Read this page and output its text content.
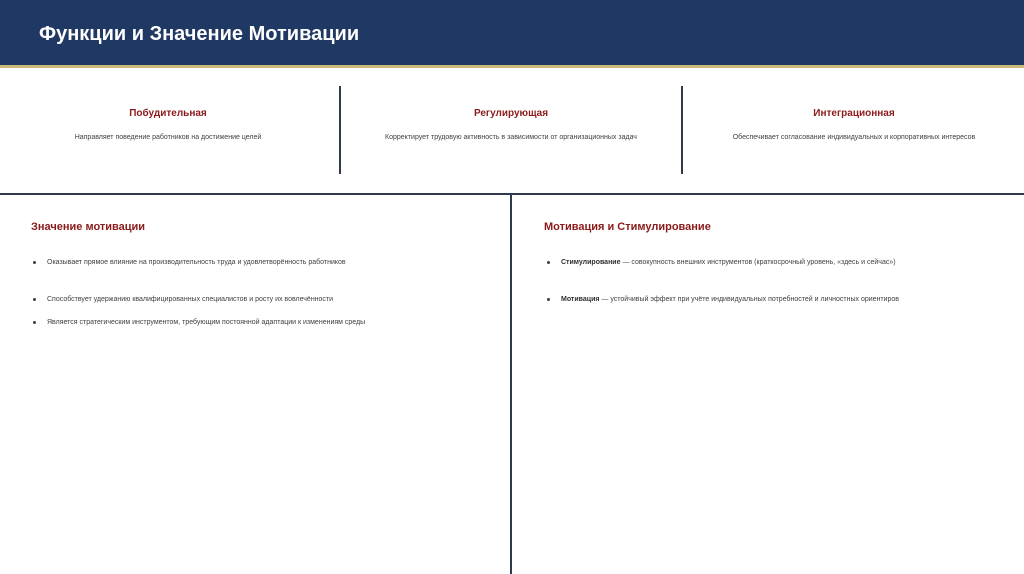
Функции и Значение Мотивации
Побудительная
Направляет поведение работников на достижение целей
Регулирующая
Корректирует трудовую активность в зависимости от организационных задач
Интеграционная
Обеспечивает согласование индивидуальных и корпоративных интересов
Значение мотивации
Оказывает прямое влияние на производительность труда и удовлетворённость работников
Способствует удержанию квалифицированных специалистов и росту их вовлечённости
Является стратегическим инструментом, требующим постоянной адаптации к изменениям среды
Мотивация и Стимулирование
Стимулирование — совокупность внешних инструментов (краткосрочный уровень, «здесь и сейчас»)
Мотивация — устойчивый эффект при учёте индивидуальных потребностей и личностных ориентиров
